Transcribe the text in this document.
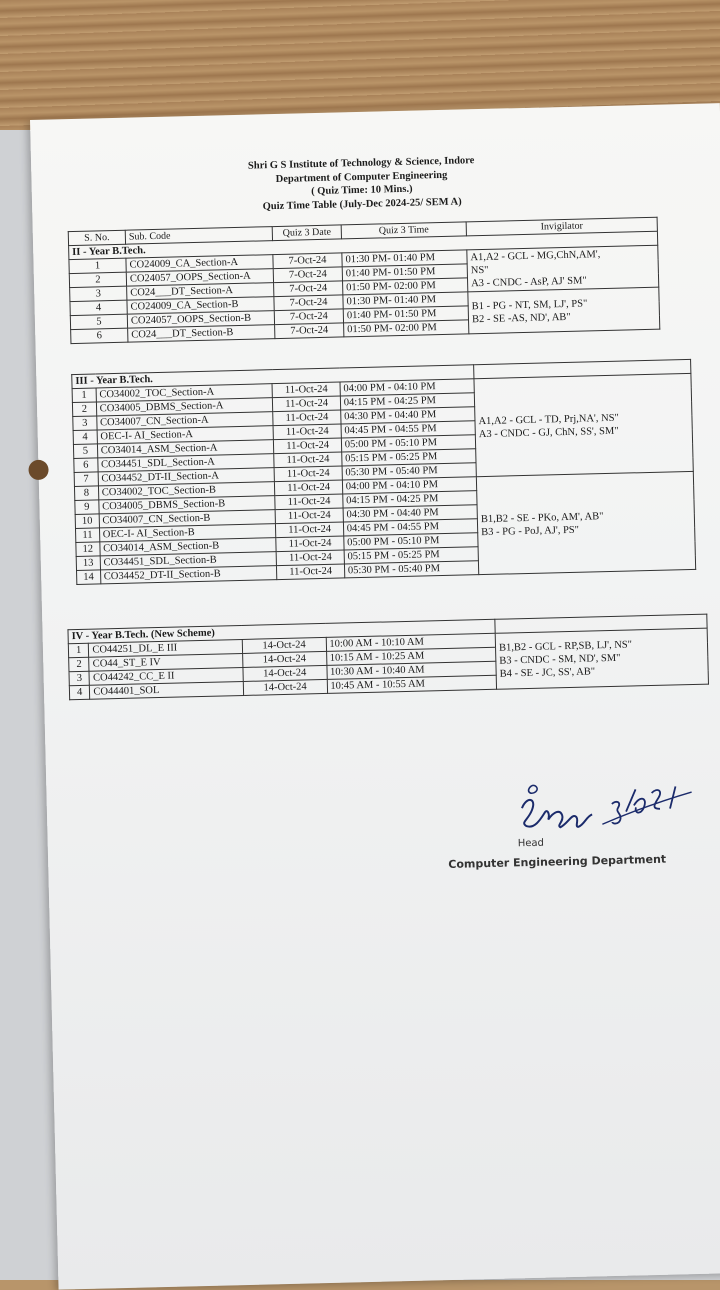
Shri G S Institute of Technology & Science, Indore
Department of Computer Engineering
( Quiz Time: 10 Mins.)
Quiz Time Table (July-Dec 2024-25/ SEM A)
S. No.	Sub. Code	Quiz 3 Date	Quiz 3 Time	Invigilator
II - Year B.Tech.				
1	CO24009_CA_Section-A	7-Oct-24	01:30 PM- 01:40 PM	A1,A2 - GCL - MG,ChN,AM',
NS"
A3 - CNDC - AsP, AJ' SM"

2	CO24057_OOPS_Section-A	7-Oct-24	01:40 PM- 01:50 PM	
3	CO24___DT_Section-A	7-Oct-24	01:50 PM- 02:00 PM	
4	CO24009_CA_Section-B	7-Oct-24	01:30 PM- 01:40 PM	B1 - PG - NT, SM, LJ', PS"
B2 - SE -AS, ND', AB"

5	CO24057_OOPS_Section-B	7-Oct-24	01:40 PM- 01:50 PM	
6	CO24___DT_Section-B	7-Oct-24	01:50 PM- 02:00 PM	
III - Year B.Tech.				
1	CO34002_TOC_Section-A	11-Oct-24	04:00 PM - 04:10 PM	A1,A2 - GCL - TD, Prj,NA', NS"
A3 - CNDC - GJ, ChN, SS', SM"

2	CO34005_DBMS_Section-A	11-Oct-24	04:15 PM - 04:25 PM	
3	CO34007_CN_Section-A	11-Oct-24	04:30 PM - 04:40 PM	
4	OEC-I- AI_Section-A	11-Oct-24	04:45 PM - 04:55 PM	
5	CO34014_ASM_Section-A	11-Oct-24	05:00 PM - 05:10 PM	
6	CO34451_SDL_Section-A	11-Oct-24	05:15 PM - 05:25 PM	
7	CO34452_DT-II_Section-A	11-Oct-24	05:30 PM - 05:40 PM	
8	CO34002_TOC_Section-B	11-Oct-24	04:00 PM - 04:10 PM	B1,B2 - SE - PKo, AM', AB"
B3 - PG - PoJ, AJ', PS"

9	CO34005_DBMS_Section-B	11-Oct-24	04:15 PM - 04:25 PM	
10	CO34007_CN_Section-B	11-Oct-24	04:30 PM - 04:40 PM	
11	OEC-I- AI_Section-B	11-Oct-24	04:45 PM - 04:55 PM	
12	CO34014_ASM_Section-B	11-Oct-24	05:00 PM - 05:10 PM	
13	CO34451_SDL_Section-B	11-Oct-24	05:15 PM - 05:25 PM	
14	CO34452_DT-II_Section-B	11-Oct-24	05:30 PM - 05:40 PM	
IV - Year B.Tech. (New Scheme)				
1	CO44251_DL_E III	14-Oct-24	10:00 AM - 10:10 AM	B1,B2 - GCL - RP,SB, LJ', NS"
B3 - CNDC - SM, ND', SM"
B4 - SE - JC, SS', AB"

2	CO44_ST_E IV	14-Oct-24	10:15 AM - 10:25 AM	
3	CO44242_CC_E II	14-Oct-24	10:30 AM - 10:40 AM	
4	CO44401_SOL	14-Oct-24	10:45 AM - 10:55 AM	
Head
Computer Engineering Department
